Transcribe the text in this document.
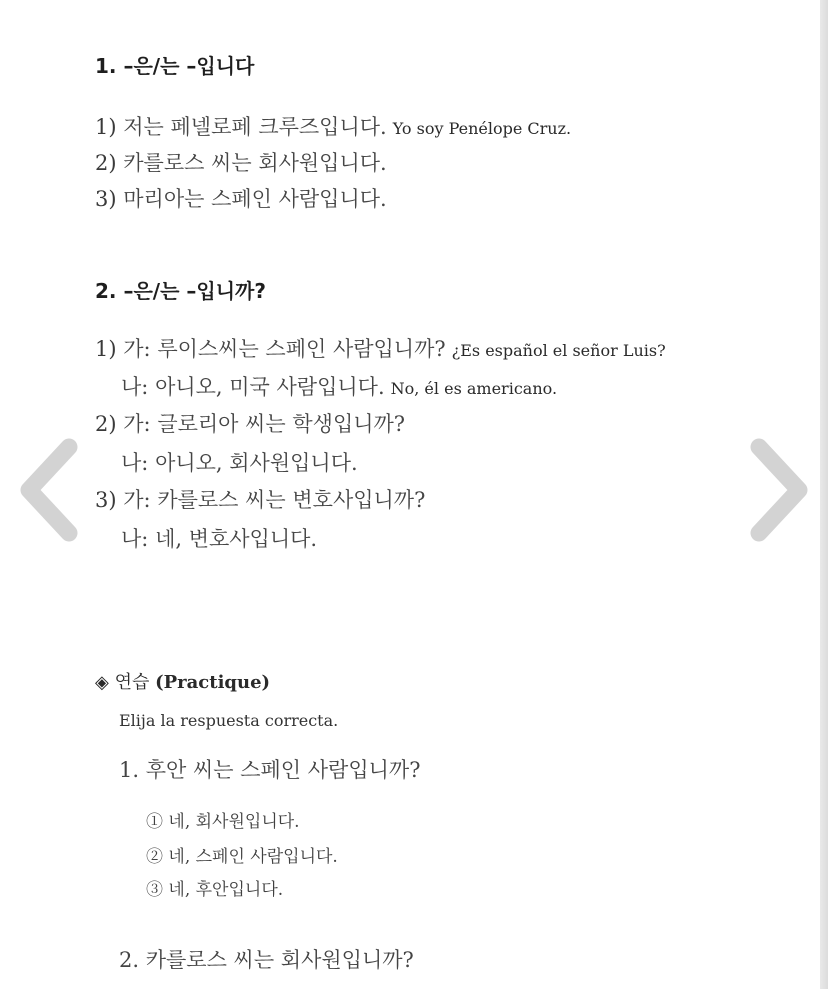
1. –은/는 –입니다
1) 저는 페넬로페 크루즈입니다. Yo soy Penélope Cruz.
2) 카를로스 씨는 회사원입니다.
3) 마리아는 스페인 사람입니다.
2. –은/는 –입니까?
1) 가: 루이스씨는 스페인 사람입니까? ¿Es español el señor Luis?
나: 아니오, 미국 사람입니다. No, él es americano.
2) 가: 글로리아 씨는 학생입니까?
나: 아니오, 회사원입니다.
3) 가: 카를로스 씨는 변호사입니까?
나: 네, 변호사입니다.
◈ 연습 (Practique)
Elija la respuesta correcta.
1. 후안 씨는 스페인 사람입니까?
① 네, 회사원입니다.
② 네, 스페인 사람입니다.
③ 네, 후안입니다.
2. 카를로스 씨는 회사원입니까?
